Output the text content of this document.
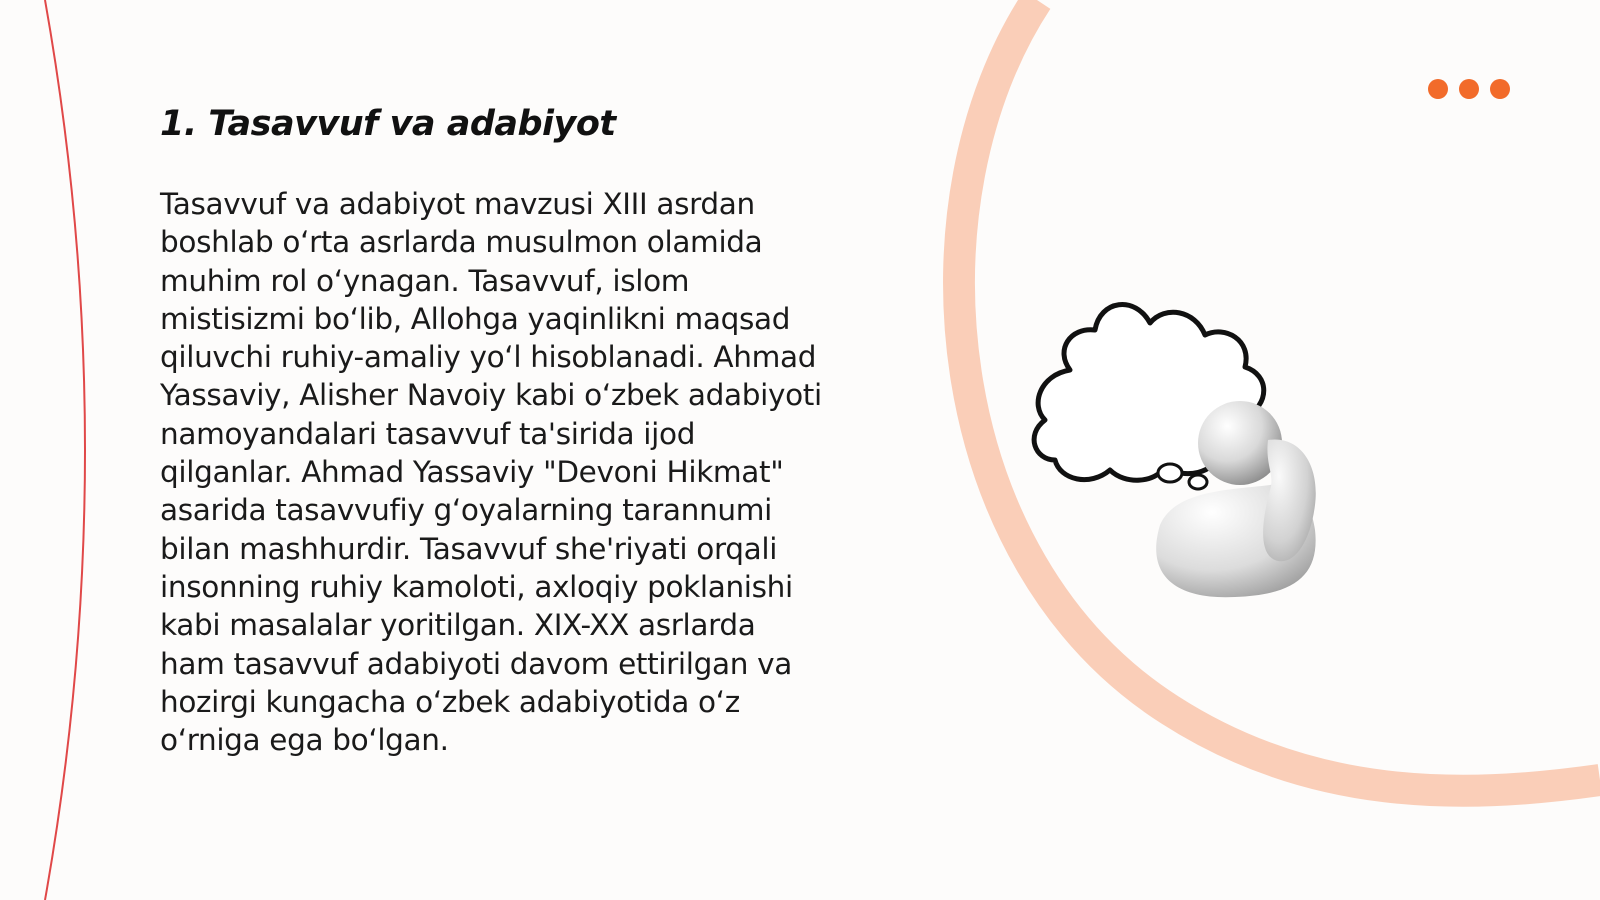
1. Tasavvuf va adabiyot
Tasavvuf va adabiyot mavzusi XIII asrdan
boshlab oʻrta asrlarda musulmon olamida
muhim rol oʻynagan. Tasavvuf, islom
mistisizmi boʻlib, Allohga yaqinlikni maqsad
qiluvchi ruhiy-amaliy yoʻl hisoblanadi. Ahmad
Yassaviy, Alisher Navoiy kabi oʻzbek adabiyoti
namoyandalari tasavvuf ta'sirida ijod
qilganlar. Ahmad Yassaviy "Devoni Hikmat"
asarida tasavvufiy gʻoyalarning tarannumi
bilan mashhurdir. Tasavvuf she'riyati orqali
insonning ruhiy kamoloti, axloqiy poklanishi
kabi masalalar yoritilgan. XIX-XX asrlarda
ham tasavvuf adabiyoti davom ettirilgan va
hozirgi kungacha oʻzbek adabiyotida oʻz
oʻrniga ega boʻlgan.
